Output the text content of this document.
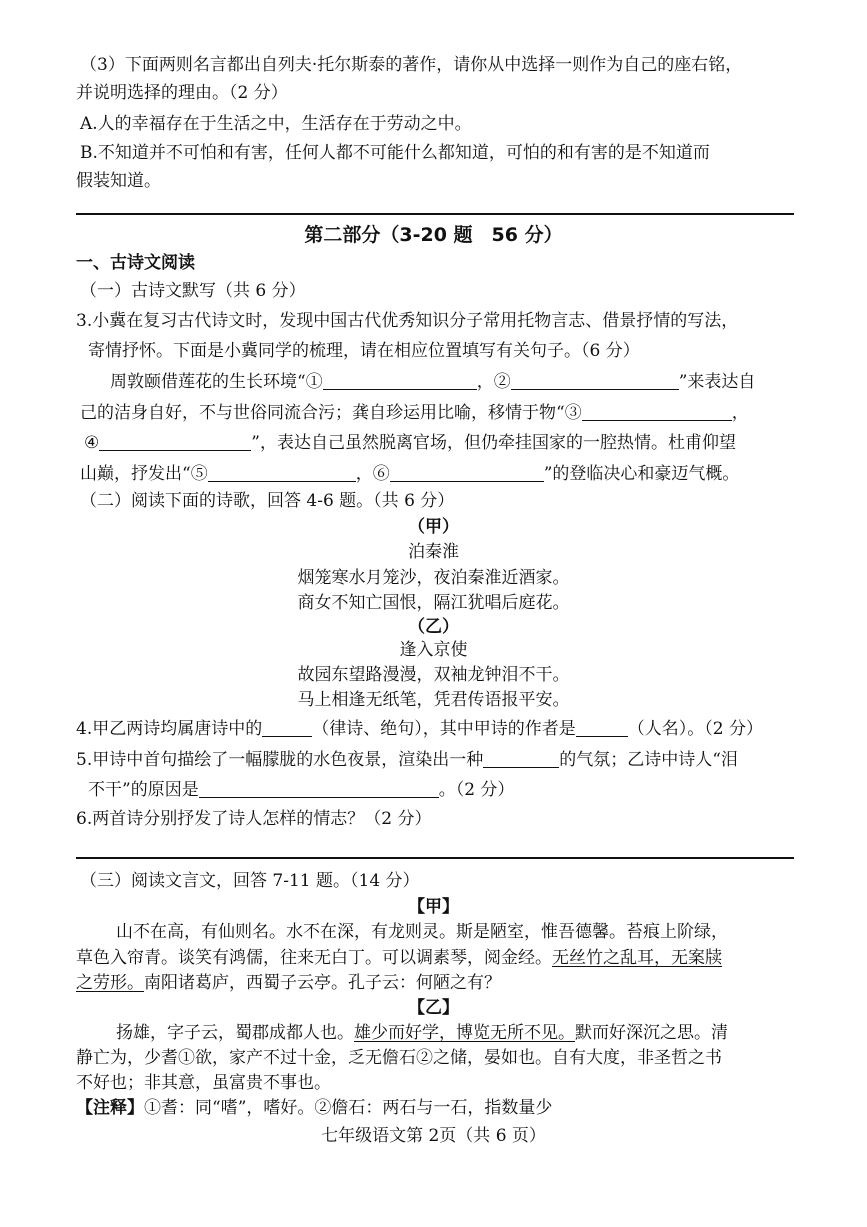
（3）下面两则名言都出自列夫·托尔斯泰的著作，请你从中选择一则作为自己的座右铭，
并说明选择的理由。（2 分）
A.人的幸福存在于生活之中，生活存在于劳动之中。
B.不知道并不可怕和有害，任何人都不可能什么都知道，可怕的和有害的是不知道而
假装知道。
第二部分（3-20 题　56 分）
一、古诗文阅读
（一）古诗文默写（共 6 分）
3.小冀在复习古代诗文时，发现中国古代优秀知识分子常用托物言志、借景抒情的写法，
寄情抒怀。下面是小冀同学的梳理，请在相应位置填写有关句子。（6 分）
周敦颐借莲花的生长环境“①	，②	”来表达自
己的洁身自好，不与世俗同流合污；龚自珍运用比喻，移情于物“③	，
④	”，表达自己虽然脱离官场，但仍牵挂国家的一腔热情。杜甫仰望
山巅，抒发出“⑤	，⑥	”的登临决心和豪迈气概。
（二）阅读下面的诗歌，回答 4-6 题。（共 6 分）
（甲）
泊秦淮
烟笼寒水月笼沙，夜泊秦淮近酒家。
商女不知亡国恨，隔江犹唱后庭花。
（乙）
逢入京使
故园东望路漫漫，双袖龙钟泪不干。
马上相逢无纸笔，凭君传语报平安。
4.甲乙两诗均属唐诗中的	（律诗、绝句），其中甲诗的作者是	（人名）。（2 分）
5.甲诗中首句描绘了一幅朦胧的水色夜景，渲染出一种	的气氛；乙诗中诗人“泪
不干”的原因是	。（2 分）
6.两首诗分别抒发了诗人怎样的情志？（2 分）
（三）阅读文言文，回答 7-11 题。（14 分）
【甲】
山不在高，有仙则名。水不在深，有龙则灵。斯是陋室，惟吾德馨。苔痕上阶绿，
草色入帘青。谈笑有鸿儒，往来无白丁。可以调素琴，阅金经。无丝竹之乱耳，无案牍
之劳形。南阳诸葛庐，西蜀子云亭。孔子云：何陋之有？
【乙】
扬雄，字子云，蜀郡成都人也。雄少而好学，博览无所不见。默而好深沉之思。清
静亡为，少耆①欲，家产不过十金，乏无儋石②之储，晏如也。自有大度，非圣哲之书
不好也；非其意，虽富贵不事也。
【注释】①耆：同“嗜”，嗜好。②儋石：两石与一石，指数量少
七年级语文第 2页（共 6 页）
